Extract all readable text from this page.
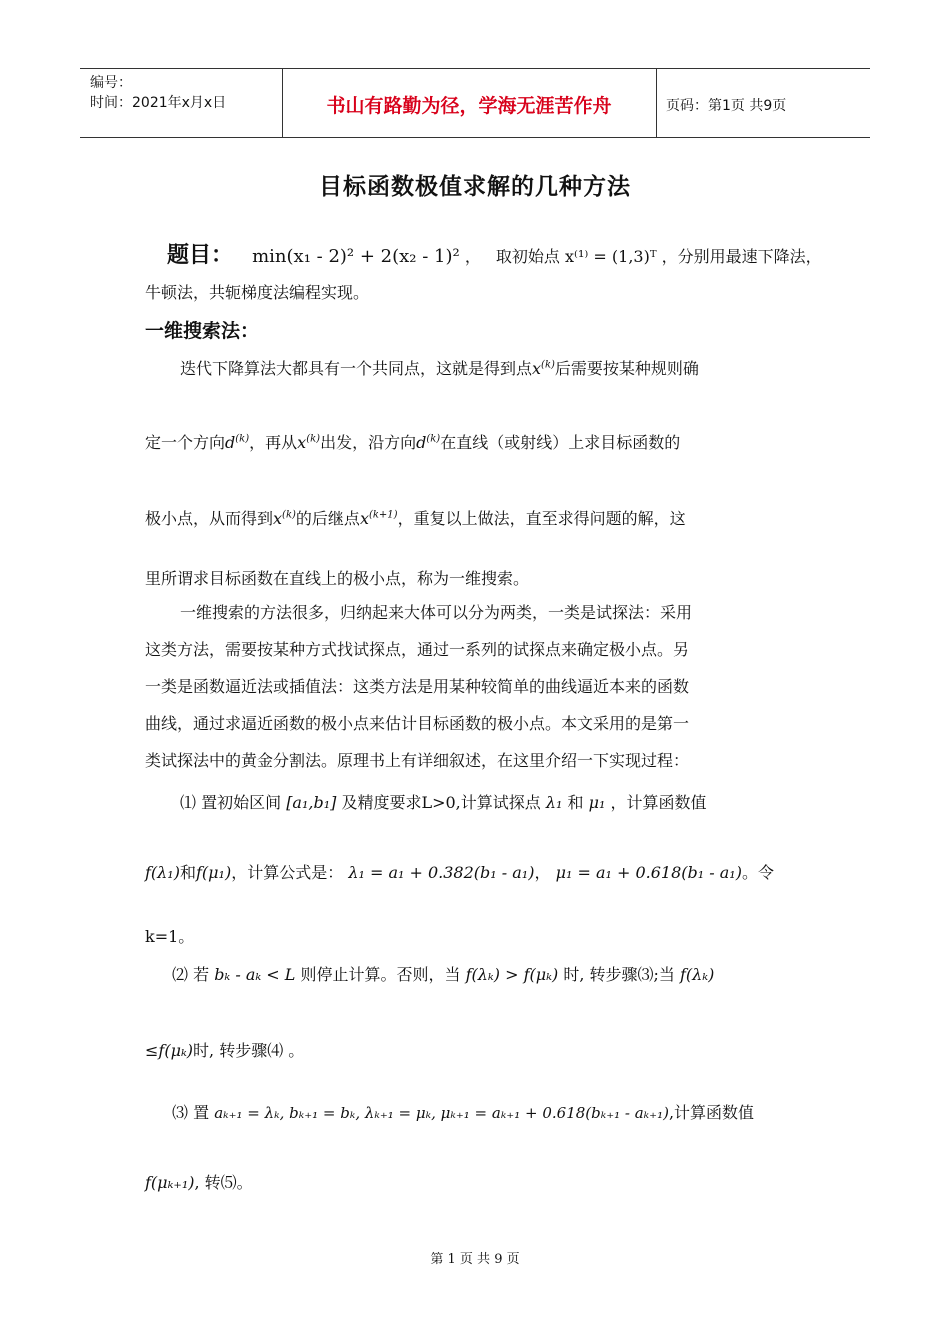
编号：
时间：2021年x月x日	书山有路勤为径，学海无涯苦作舟	页码：第1页 共9页
目标函数极值求解的几种方法
题目： min(x₁ - 2)² + 2(x₂ - 1)² ， 取初始点 x⁽¹⁾ = (1,3)ᵀ ，分别用最速下降法，
牛顿法，共轭梯度法编程实现。
一维搜索法：
迭代下降算法大都具有一个共同点，这就是得到点$x^{(k)}$后需要按某种规则确
定一个方向$d^{(k)}$，再从$x^{(k)}$出发，沿方向$d^{(k)}$在直线（或射线）上求目标函数的
极小点，从而得到$x^{(k)}$的后继点$x^{(k+1)}$，重复以上做法，直至求得问题的解，这
里所谓求目标函数在直线上的极小点，称为一维搜索。
一维搜索的方法很多，归纳起来大体可以分为两类，一类是试探法：采用
这类方法，需要按某种方式找试探点，通过一系列的试探点来确定极小点。另
一类是函数逼近法或插值法：这类方法是用某种较简单的曲线逼近本来的函数
曲线，通过求逼近函数的极小点来估计目标函数的极小点。本文采用的是第一
类试探法中的黄金分割法。原理书上有详细叙述，在这里介绍一下实现过程：
⑴ 置初始区间 [a₁,b₁] 及精度要求L>0,计算试探点 λ₁ 和 μ₁ ，计算函数值
f(λ₁)和f(μ₁)，计算公式是： λ₁ = a₁ + 0.382(b₁ - a₁)， μ₁ = a₁ + 0.618(b₁ - a₁)。令
k=1。
⑵ 若 bₖ - aₖ < L 则停止计算。否则，当 f(λₖ) > f(μₖ) 时, 转步骤⑶;当 f(λₖ)
≤f(μₖ)时, 转步骤⑷ 。
⑶ 置 aₖ₊₁ = λₖ, bₖ₊₁ = bₖ, λₖ₊₁ = μₖ, μₖ₊₁ = aₖ₊₁ + 0.618(bₖ₊₁ - aₖ₊₁),计算函数值
f(μₖ₊₁), 转⑸。
第 1 页 共 9 页
